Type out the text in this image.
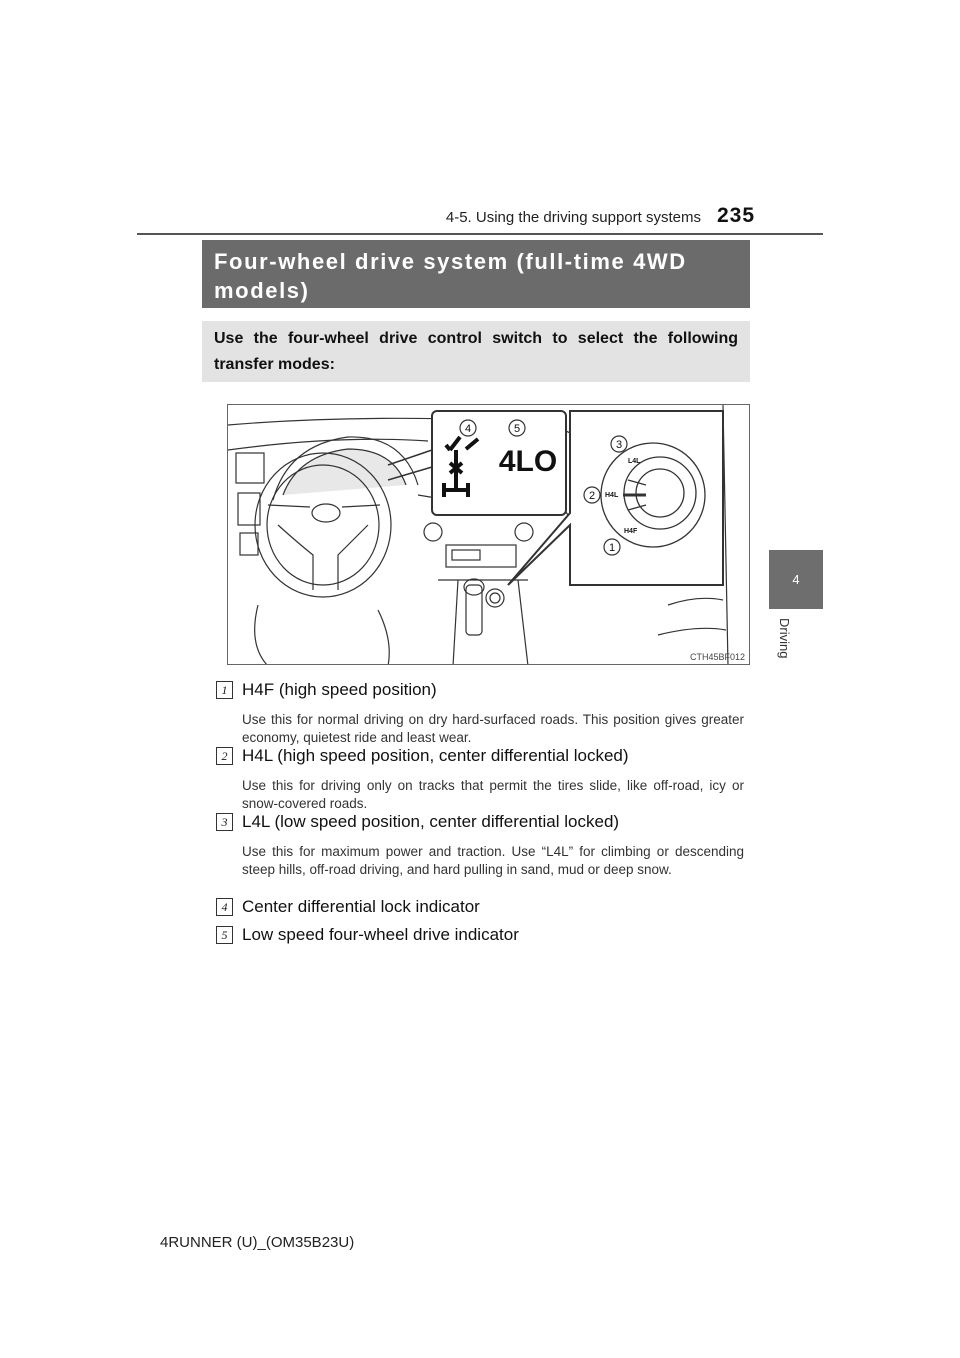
4-5. Using the driving support systems 235
4
Driving
Four-wheel drive system (full-time 4WD
models)
Use the four-wheel drive control switch to select the following transfer modes:
4	5
3
2
1
4LO	L4L
H4L
H4F
CTH45BF012
1 H4F (high speed position)
Use this for normal driving on dry hard-surfaced roads. This position gives greater economy, quietest ride and least wear.
2 H4L (high speed position, center differential locked)
Use this for driving only on tracks that permit the tires slide, like off-road, icy or snow-covered roads.
3 L4L (low speed position, center differential locked)
Use this for maximum power and traction. Use “L4L” for climbing or descending steep hills, off-road driving, and hard pulling in sand, mud or deep snow.
4 Center differential lock indicator
5 Low speed four-wheel drive indicator
4RUNNER (U)_(OM35B23U)
